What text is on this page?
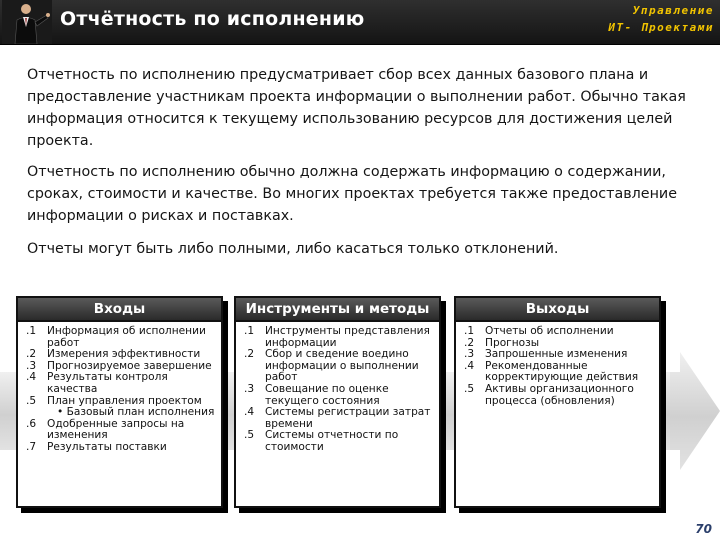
Отчётность по исполнению	Управление
ИТ- Проектами

Отчетность по исполнению предусматривает сбор всех данных базового плана и предоставление участникам проекта информации о выполнении работ. Обычно такая информация относится к текущему использованию ресурсов для достижения целей проекта.

Отчетность по исполнению обычно должна содержать информацию о содержании, сроках, стоимости и качестве. Во многих проектах требуется также предоставление информации о рисках и поставках.

Отчеты могут быть либо полными, либо касаться только отклонений.

Входы
.1 Информация об исполнении работ
.2 Измерения эффективности
.3 Прогнозируемое завершение
.4 Результаты контроля качества
.5 План управления проектом
• Базовый план исполнения
.6 Одобренные запросы на изменения
.7 Результаты поставки
Инструменты и методы
.1 Инструменты представления информации
.2 Сбор и сведение воедино информации о выполнении работ
.3 Совещание по оценке текущего состояния
.4 Системы регистрации затрат времени
.5 Системы отчетности по стоимости
Выходы
.1 Отчеты об исполнении
.2 Прогнозы
.3 Запрошенные изменения
.4 Рекомендованные корректирующие действия
.5 Активы организационного процесса (обновления)
70
